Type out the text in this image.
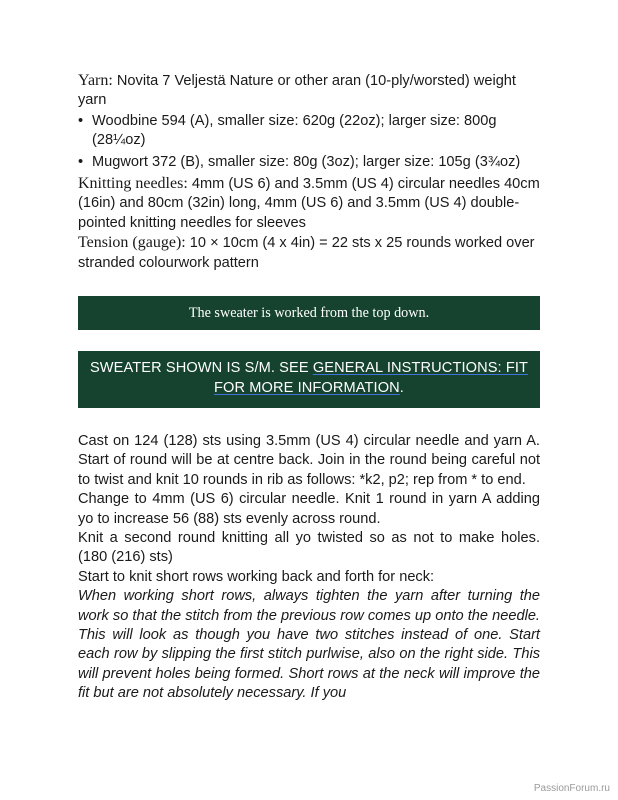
Yarn: Novita 7 Veljestä Nature or other aran (10-ply/worsted) weight yarn

• Woodbine 594 (A), smaller size: 620g (22oz); larger size: 800g (28¼oz)
• Mugwort 372 (B), smaller size: 80g (3oz); larger size: 105g (3¾oz)

Knitting needles: 4mm (US 6) and 3.5mm (US 4) circular needles 40cm (16in) and 80cm (32in) long, 4mm (US 6) and 3.5mm (US 4) double-pointed knitting needles for sleeves

Tension (gauge): 10 × 10cm (4 x 4in) = 22 sts x 25 rounds worked over stranded colourwork pattern

The sweater is worked from the top down.
SWEATER SHOWN IS S/M. SEE GENERAL INSTRUCTIONS: FIT FOR MORE INFORMATION.

Cast on 124 (128) sts using 3.5mm (US 4) circular needle and yarn A. Start of round will be at centre back. Join in the round being careful not to twist and knit 10 rounds in rib as follows: *k2, p2; rep from * to end.

Change to 4mm (US 6) circular needle. Knit 1 round in yarn A adding yo to increase 56 (88) sts evenly across round.

Knit a second round knitting all yo twisted so as not to make holes. (180 (216) sts)

Start to knit short rows working back and forth for neck:

When working short rows, always tighten the yarn after turning the work so that the stitch from the previous row comes up onto the needle. This will look as though you have two stitches instead of one. Start each row by slipping the first stitch purlwise, also on the right side. This will prevent holes being formed. Short rows at the neck will improve the fit but are not absolutely necessary. If you

PassionForum.ru
